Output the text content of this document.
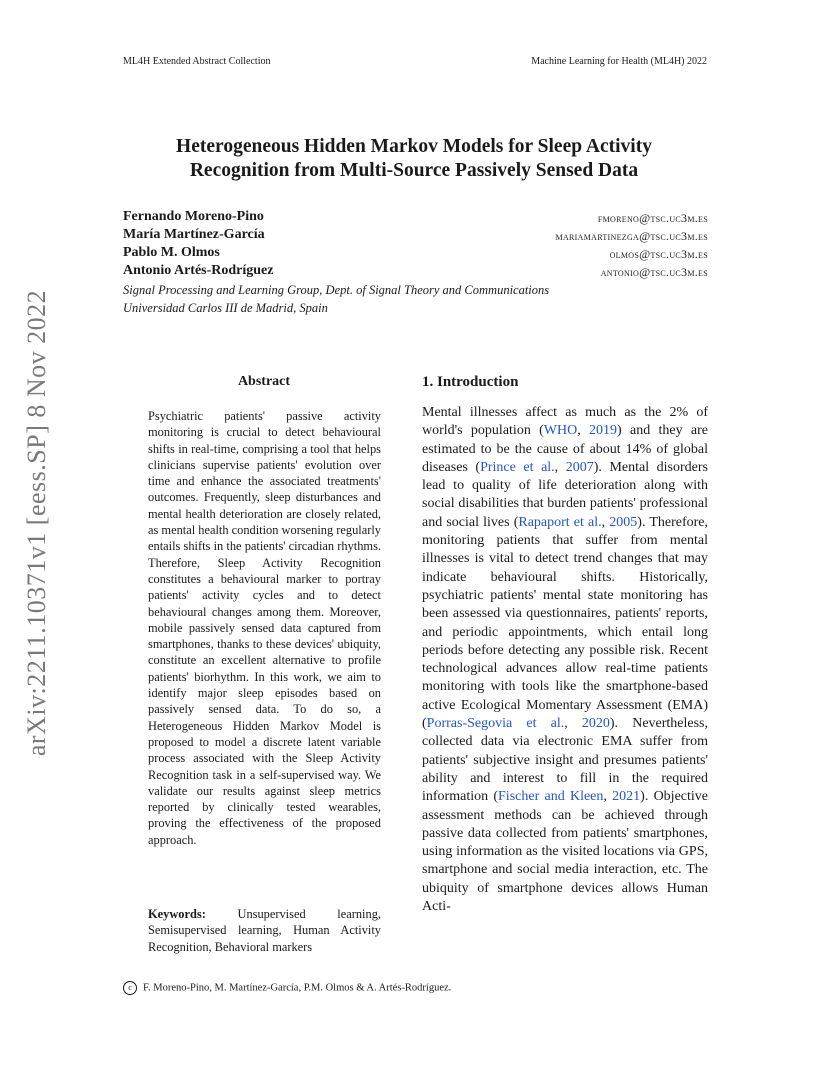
ML4H Extended Abstract Collection	Machine Learning for Health (ML4H) 2022
Heterogeneous Hidden Markov Models for Sleep Activity
Recognition from Multi-Source Passively Sensed Data
Fernando Moreno-Pino	fmoreno@tsc.uc3m.es
María Martínez-García	mariamartinezga@tsc.uc3m.es
Pablo M. Olmos	olmos@tsc.uc3m.es
Antonio Artés-Rodríguez	antonio@tsc.uc3m.es
Signal Processing and Learning Group, Dept. of Signal Theory and Communications
Universidad Carlos III de Madrid, Spain
arXiv:2211.10371v1 [eess.SP] 8 Nov 2022	Abstract
Psychiatric patients' passive activity monitoring is crucial to detect behavioural shifts in real-time, comprising a tool that helps clinicians supervise patients' evolution over time and enhance the associated treatments' outcomes. Frequently, sleep disturbances and mental health deterioration are closely related, as mental health condition worsening regularly entails shifts in the patients' circadian rhythms. Therefore, Sleep Activity Recognition constitutes a behavioural marker to portray patients' activity cycles and to detect behavioural changes among them. Moreover, mobile passively sensed data captured from smartphones, thanks to these devices' ubiquity, constitute an excellent alternative to profile patients' biorhythm. In this work, we aim to identify major sleep episodes based on passively sensed data. To do so, a Heterogeneous Hidden Markov Model is proposed to model a discrete latent variable process associated with the Sleep Activity Recognition task in a self-supervised way. We validate our results against sleep metrics reported by clinically tested wearables, proving the effectiveness of the proposed approach.
Keywords:	Unsupervised learning, Semisupervised learning, Human Activity Recognition, Behavioral markers
1. Introduction
Mental illnesses affect as much as the 2% of world's population (WHO, 2019) and they are estimated to be the cause of about 14% of global diseases (Prince et al., 2007). Mental disorders lead to quality of life deterioration along with social disabilities that burden patients' professional and social lives (Rapaport et al., 2005). Therefore, monitoring patients that suffer from mental illnesses is vital to detect trend changes that may indicate behavioural shifts. Historically, psychiatric patients' mental state monitoring has been assessed via questionnaires, patients' reports, and periodic appointments, which entail long periods before detecting any possible risk. Recent technological advances allow real-time patients monitoring with tools like the smartphone-based active Ecological Momentary Assessment (EMA) (Porras-Segovia et al., 2020). Nevertheless, collected data via electronic EMA suffer from patients' subjective insight and presumes patients' ability and interest to fill in the required information (Fischer and Kleen, 2021). Objective assessment methods can be achieved through passive data collected from patients' smartphones, using information as the visited locations via GPS, smartphone and social media interaction, etc. The ubiquity of smartphone devices allows Human Acti-
c F. Moreno-Pino, M. Martínez-García, P.M. Olmos & A. Artés-Rodríguez.
